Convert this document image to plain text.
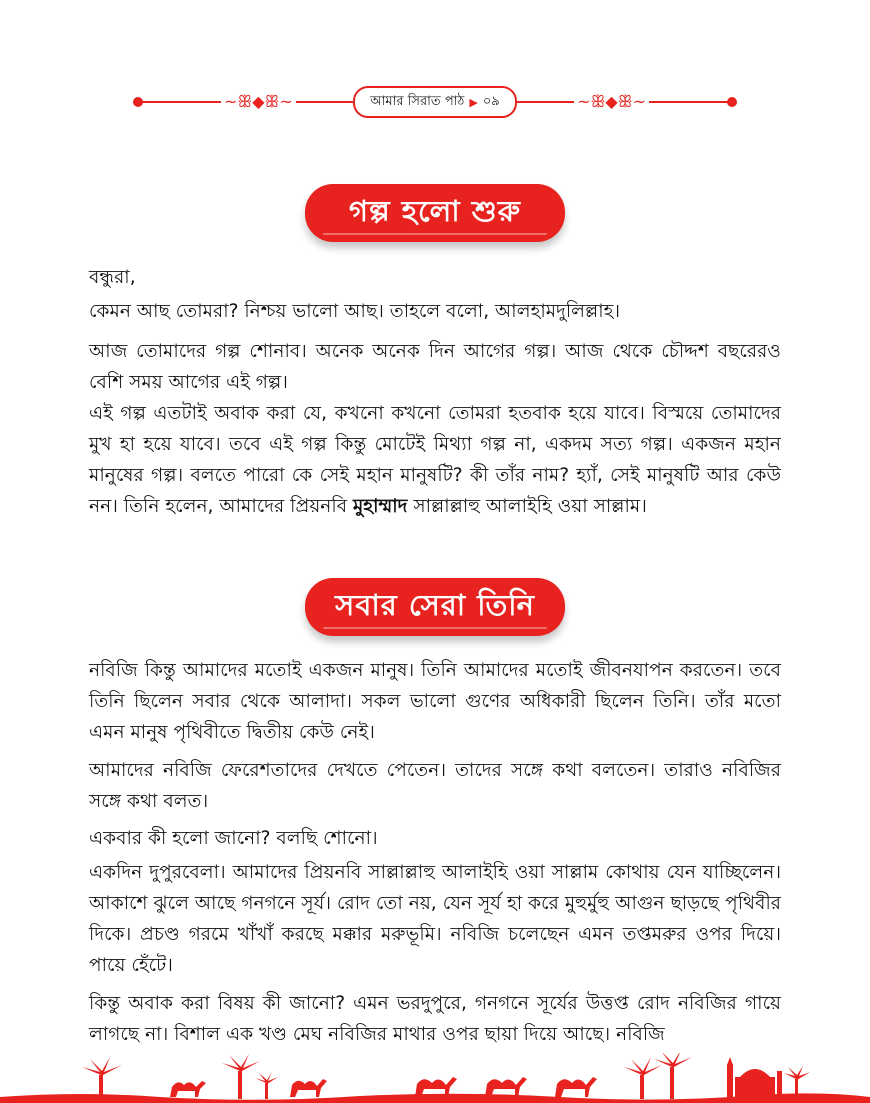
~ꕥ◆ꕥ~	~ꕥ◆ꕥ~
আমার সিরাত পাঠ ▶ ০৯
গল্প হলো শুরু

বন্ধুরা,

কেমন আছ তোমরা? নিশ্চয় ভালো আছ। তাহলে বলো, আলহামদুলিল্লাহ।

আজ তোমাদের গল্প শোনাব। অনেক অনেক দিন আগের গল্প। আজ থেকে চৌদ্দশ বছরেরও বেশি সময় আগের এই গল্প।

এই গল্প এতটাই অবাক করা যে, কখনো কখনো তোমরা হতবাক হয়ে যাবে। বিস্ময়ে তোমাদের মুখ হা হয়ে যাবে। তবে এই গল্প কিন্তু মোটেই মিথ্যা গল্প না, একদম সত্য গল্প। একজন মহান মানুষের গল্প। বলতে পারো কে সেই মহান মানুষটি? কী তাঁর নাম? হ্যাঁ, সেই মানুষটি আর কেউ নন। তিনি হলেন, আমাদের প্রিয়নবি মুহাম্মাদ সাল্লাল্লাহু আলাইহি ওয়া সাল্লাম।

সবার সেরা তিনি

নবিজি কিন্তু আমাদের মতোই একজন মানুষ। তিনি আমাদের মতোই জীবনযাপন করতেন। তবে তিনি ছিলেন সবার থেকে আলাদা। সকল ভালো গুণের অধিকারী ছিলেন তিনি। তাঁর মতো এমন মানুষ পৃথিবীতে দ্বিতীয় কেউ নেই।

আমাদের নবিজি ফেরেশতাদের দেখতে পেতেন। তাদের সঙ্গে কথা বলতেন। তারাও নবিজির সঙ্গে কথা বলত।

একবার কী হলো জানো? বলছি শোনো।

একদিন দুপুরবেলা। আমাদের প্রিয়নবি সাল্লাল্লাহু আলাইহি ওয়া সাল্লাম কোথায় যেন যাচ্ছিলেন। আকাশে ঝুলে আছে গনগনে সূর্য। রোদ তো নয়, যেন সূর্য হা করে মুহুর্মুহু আগুন ছাড়ছে পৃথিবীর দিকে। প্রচণ্ড গরমে খাঁখাঁ করছে মক্কার মরুভূমি। নবিজি চলেছেন এমন তপ্তমরুর ওপর দিয়ে। পায়ে হেঁটে।

কিন্তু অবাক করা বিষয় কী জানো? এমন ভরদুপুরে, গনগনে সূর্যের উত্তপ্ত রোদ নবিজির গায়ে লাগছে না। বিশাল এক খণ্ড মেঘ নবিজির মাথার ওপর ছায়া দিয়ে আছে। নবিজি
